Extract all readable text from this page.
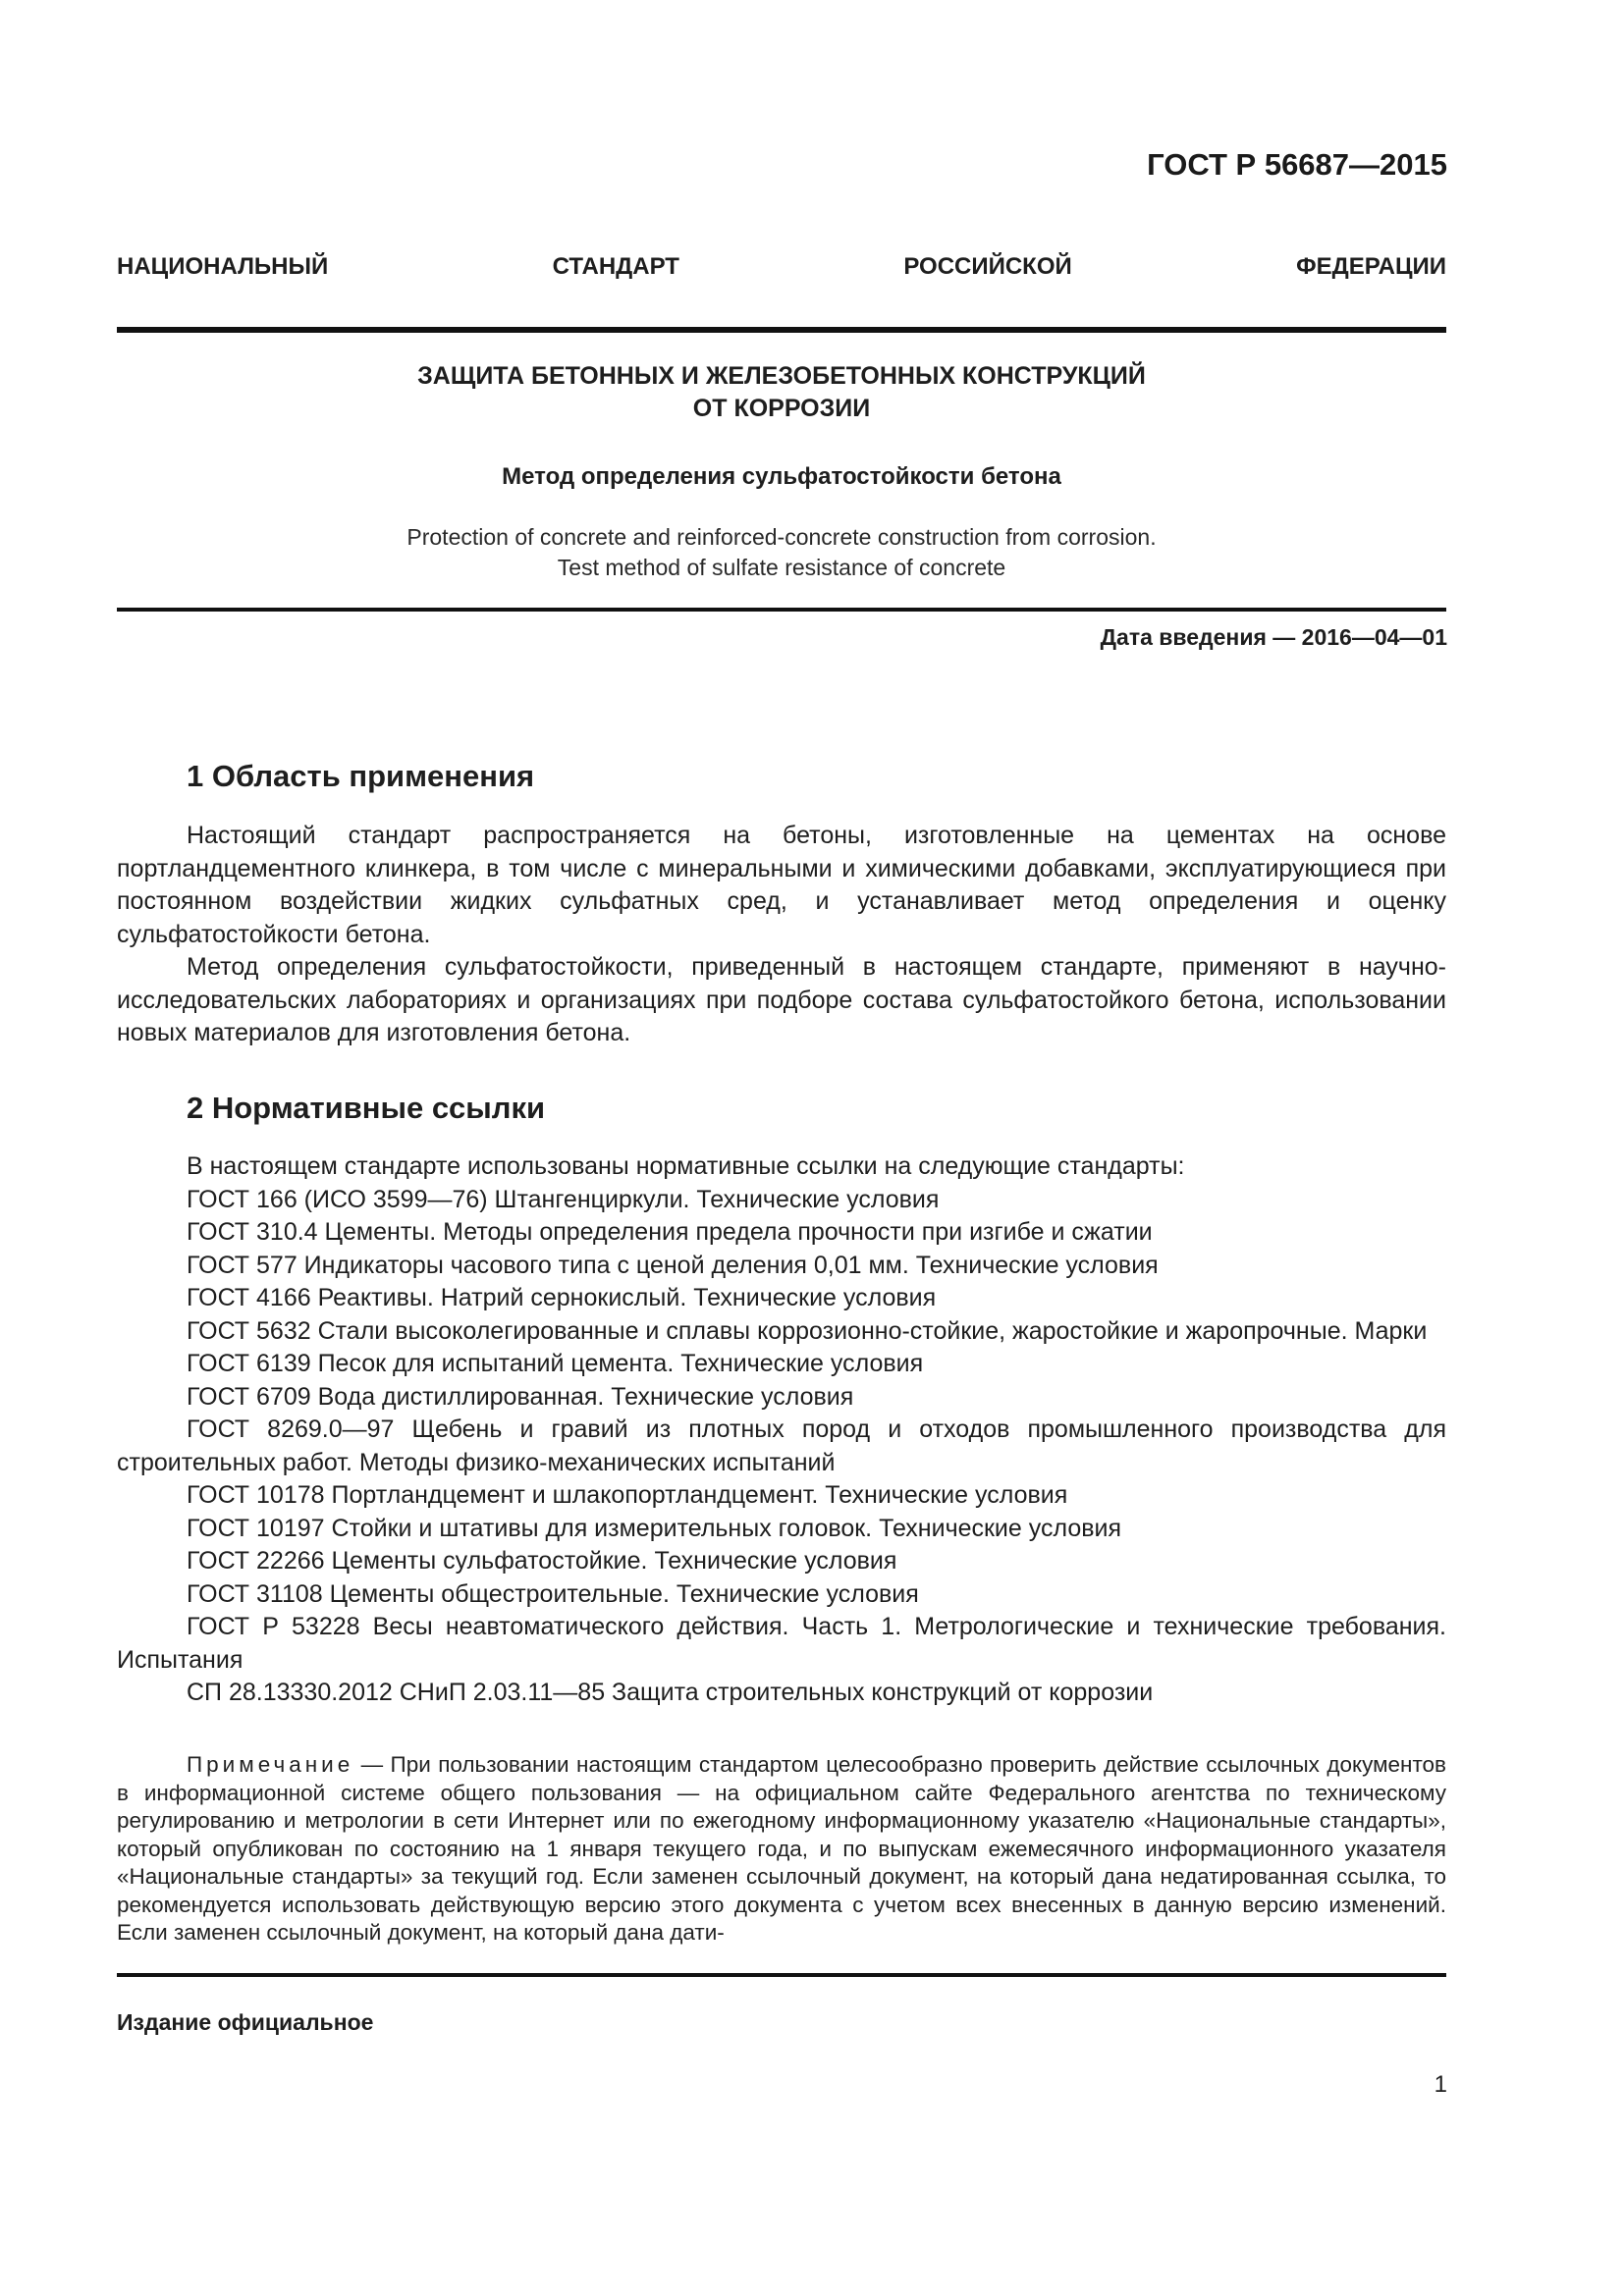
ГОСТ Р 56687—2015
НАЦИОНАЛЬНЫЙ	СТАНДАРТ	РОССИЙСКОЙ	ФЕДЕРАЦИИ
ЗАЩИТА БЕТОННЫХ И ЖЕЛЕЗОБЕТОННЫХ КОНСТРУКЦИЙ
ОТ КОРРОЗИИ
Метод определения сульфатостойкости бетона
Protection of concrete and reinforced-concrete construction from corrosion.
Test method of sulfate resistance of concrete
Дата введения — 2016—04—01
1 Область применения

Настоящий стандарт распространяется на бетоны, изготовленные на цементах на основе портландцементного клинкера, в том числе с минеральными и химическими добавками, эксплуатирующиеся при постоянном воздействии жидких сульфатных сред, и устанавливает метод определения и оценку сульфатостойкости бетона.

Метод определения сульфатостойкости, приведенный в настоящем стандарте, применяют в научно-исследовательских лабораториях и организациях при подборе состава сульфатостойкого бетона, использовании новых материалов для изготовления бетона.

2 Нормативные ссылки
В настоящем стандарте использованы нормативные ссылки на следующие стандарты:
ГОСТ 166 (ИСО 3599—76) Штангенциркули. Технические условия
ГОСТ 310.4 Цементы. Методы определения предела прочности при изгибе и сжатии
ГОСТ 577 Индикаторы часового типа с ценой деления 0,01 мм. Технические условия
ГОСТ 4166 Реактивы. Натрий сернокислый. Технические условия
ГОСТ 5632 Стали высоколегированные и сплавы коррозионно-стойкие, жаростойкие и жаропрочные. Марки
ГОСТ 6139 Песок для испытаний цемента. Технические условия
ГОСТ 6709 Вода дистиллированная. Технические условия
ГОСТ 8269.0—97 Щебень и гравий из плотных пород и отходов промышленного производства для строительных работ. Методы физико-механических испытаний
ГОСТ 10178 Портландцемент и шлакопортландцемент. Технические условия
ГОСТ 10197 Стойки и штативы для измерительных головок. Технические условия
ГОСТ 22266 Цементы сульфатостойкие. Технические условия
ГОСТ 31108 Цементы общестроительные. Технические условия
ГОСТ Р 53228 Весы неавтоматического действия. Часть 1. Метрологические и технические требования. Испытания
СП 28.13330.2012 СНиП 2.03.11—85 Защита строительных конструкций от коррозии

Примечание — При пользовании настоящим стандартом целесообразно проверить действие ссылочных документов в информационной системе общего пользования — на официальном сайте Федерального агентства по техническому регулированию и метрологии в сети Интернет или по ежегодному информационному указателю «Национальные стандарты», который опубликован по состоянию на 1 января текущего года, и по выпускам ежемесячного информационного указателя «Национальные стандарты» за текущий год. Если заменен ссылочный документ, на который дана недатированная ссылка, то рекомендуется использовать действующую версию этого документа с учетом всех внесенных в данную версию изменений. Если заменен ссылочный документ, на который дана дати-

Издание официальное
1
